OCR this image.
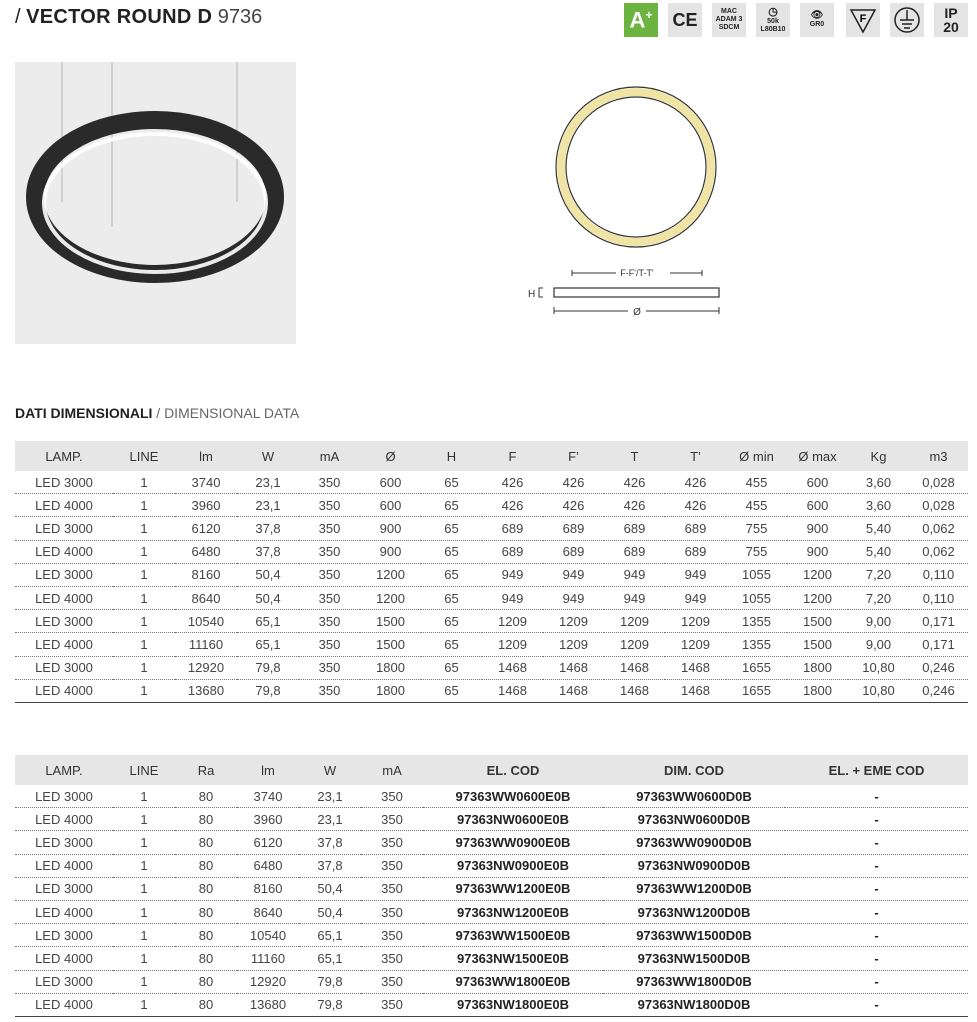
/ VECTOR ROUND D 9736	A+ CE	MAC ADAM 3 SDCM
◷
50k L80B10
👁
GR0	F	IP
20
F-F'/T-T'
H
Ø
DATI DIMENSIONALI / DIMENSIONAL DATA
LAMP.	LINE	lm	W	mA	Ø	H	F	F’	T	T’	Ø min	Ø max	Kg	m3
LED 3000	1	3740	23,1	350	600	65	426	426	426	426	455	600	3,60	0,028
LED 4000	1	3960	23,1	350	600	65	426	426	426	426	455	600	3,60	0,028
LED 3000	1	6120	37,8	350	900	65	689	689	689	689	755	900	5,40	0,062
LED 4000	1	6480	37,8	350	900	65	689	689	689	689	755	900	5,40	0,062
LED 3000	1	8160	50,4	350	1200	65	949	949	949	949	1055	1200	7,20	0,110
LED 4000	1	8640	50,4	350	1200	65	949	949	949	949	1055	1200	7,20	0,110
LED 3000	1	10540	65,1	350	1500	65	1209	1209	1209	1209	1355	1500	9,00	0,171
LED 4000	1	11160	65,1	350	1500	65	1209	1209	1209	1209	1355	1500	9,00	0,171
LED 3000	1	12920	79,8	350	1800	65	1468	1468	1468	1468	1655	1800	10,80	0,246
LED 4000	1	13680	79,8	350	1800	65	1468	1468	1468	1468	1655	1800	10,80	0,246
LAMP.	LINE	Ra	lm	W	mA	EL. COD	DIM. COD	EL. + EME COD
LED 3000	1	80	3740	23,1	350	97363WW0600E0B	97363WW0600D0B	-
LED 4000	1	80	3960	23,1	350	97363NW0600E0B	97363NW0600D0B	-
LED 3000	1	80	6120	37,8	350	97363WW0900E0B	97363WW0900D0B	-
LED 4000	1	80	6480	37,8	350	97363NW0900E0B	97363NW0900D0B	-
LED 3000	1	80	8160	50,4	350	97363WW1200E0B	97363WW1200D0B	-
LED 4000	1	80	8640	50,4	350	97363NW1200E0B	97363NW1200D0B	-
LED 3000	1	80	10540	65,1	350	97363WW1500E0B	97363WW1500D0B	-
LED 4000	1	80	11160	65,1	350	97363NW1500E0B	97363NW1500D0B	-
LED 3000	1	80	12920	79,8	350	97363WW1800E0B	97363WW1800D0B	-
LED 4000	1	80	13680	79,8	350	97363NW1800E0B	97363NW1800D0B	-
